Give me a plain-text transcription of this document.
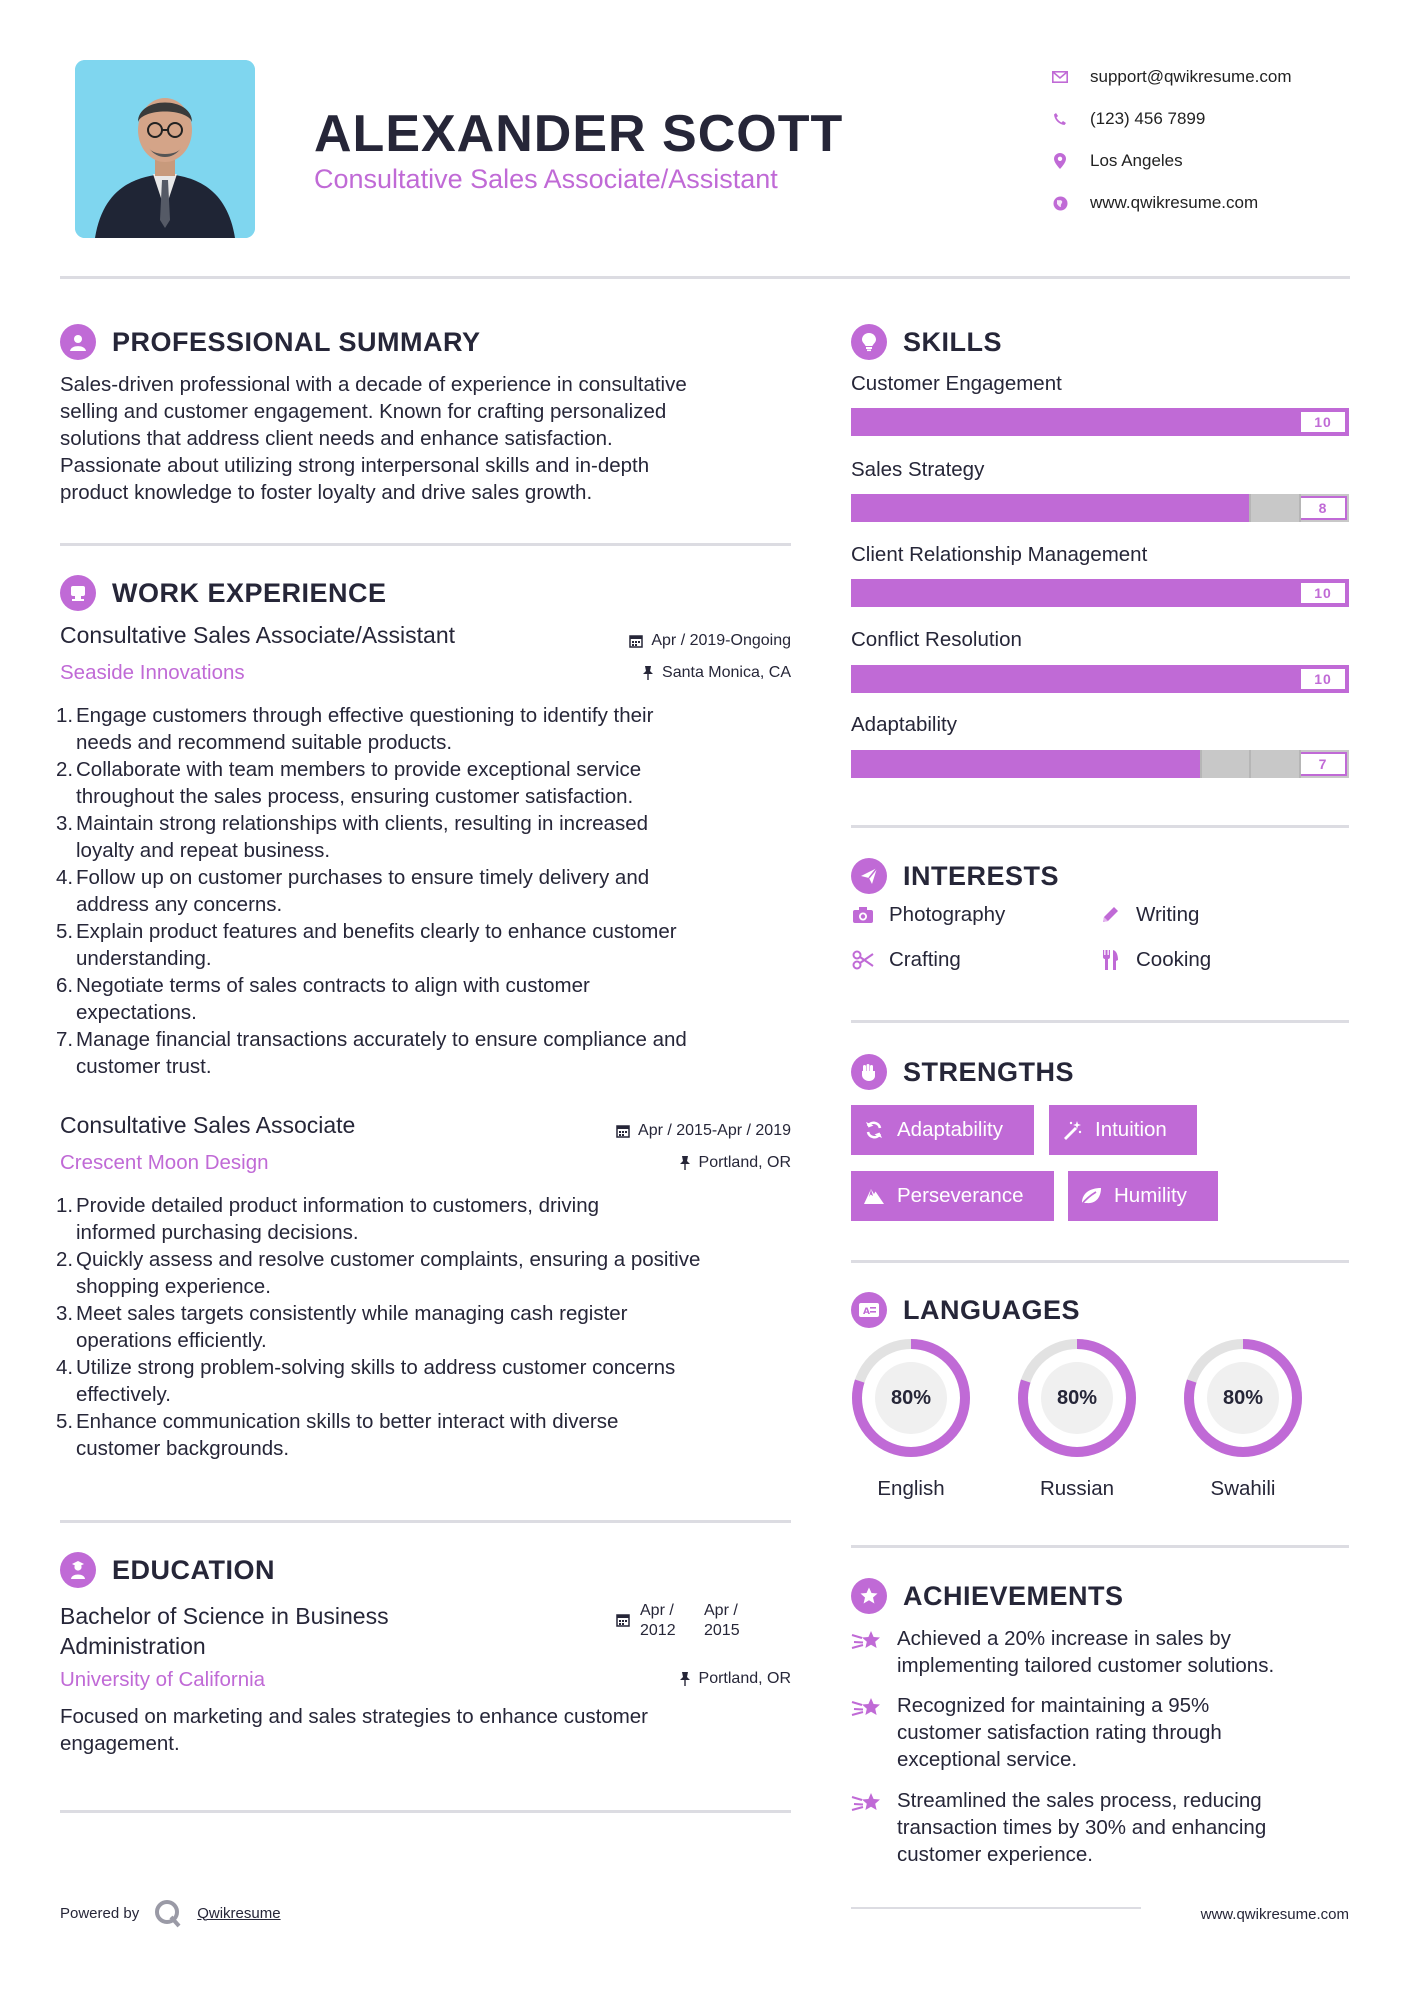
ALEXANDER SCOTT
Consultative Sales Associate/Assistant
support@qwikresume.com
(123) 456 7899
Los Angeles
www.qwikresume.com
PROFESSIONAL SUMMARY
Sales-driven professional with a decade of experience in consultative
selling and customer engagement. Known for crafting personalized
solutions that address client needs and enhance satisfaction.
Passionate about utilizing strong interpersonal skills and in-depth
product knowledge to foster loyalty and drive sales growth.
WORK EXPERIENCE
Consultative Sales Associate/Assistant	Apr / 2019-Ongoing
Seaside Innovations	Santa Monica, CA
1. Engage customers through effective questioning to identify their
needs and recommend suitable products.
2. Collaborate with team members to provide exceptional service
throughout the sales process, ensuring customer satisfaction.
3. Maintain strong relationships with clients, resulting in increased
loyalty and repeat business.
4. Follow up on customer purchases to ensure timely delivery and
address any concerns.
5. Explain product features and benefits clearly to enhance customer
understanding.
6. Negotiate terms of sales contracts to align with customer
expectations.
7. Manage financial transactions accurately to ensure compliance and
customer trust.
Consultative Sales Associate	Apr / 2015-Apr / 2019
Crescent Moon Design	Portland, OR
1. Provide detailed product information to customers, driving
informed purchasing decisions.
2. Quickly assess and resolve customer complaints, ensuring a positive
shopping experience.
3. Meet sales targets consistently while managing cash register
operations efficiently.
4. Utilize strong problem-solving skills to address customer concerns
effectively.
5. Enhance communication skills to better interact with diverse
customer backgrounds.
EDUCATION
Bachelor of Science in Business
Administration
Apr /
2012
Apr /
2015
University of California	Portland, OR
Focused on marketing and sales strategies to enhance customer
engagement.
SKILLS
Customer Engagement
10
Sales Strategy
8
Client Relationship Management
10
Conflict Resolution
10
Adaptability
7
INTERESTS
Photography	Writing
Crafting	Cooking
STRENGTHS
Adaptability	Intuition
Perseverance	Humility
A LANGUAGES
80%
English
80%
Russian
80%
Swahili
ACHIEVEMENTS
Achieved a 20% increase in sales by
implementing tailored customer solutions.
Recognized for maintaining a 95%
customer satisfaction rating through
exceptional service.
Streamlined the sales process, reducing
transaction times by 30% and enhancing
customer experience.
Powered by	Qwikresume	www.qwikresume.com
